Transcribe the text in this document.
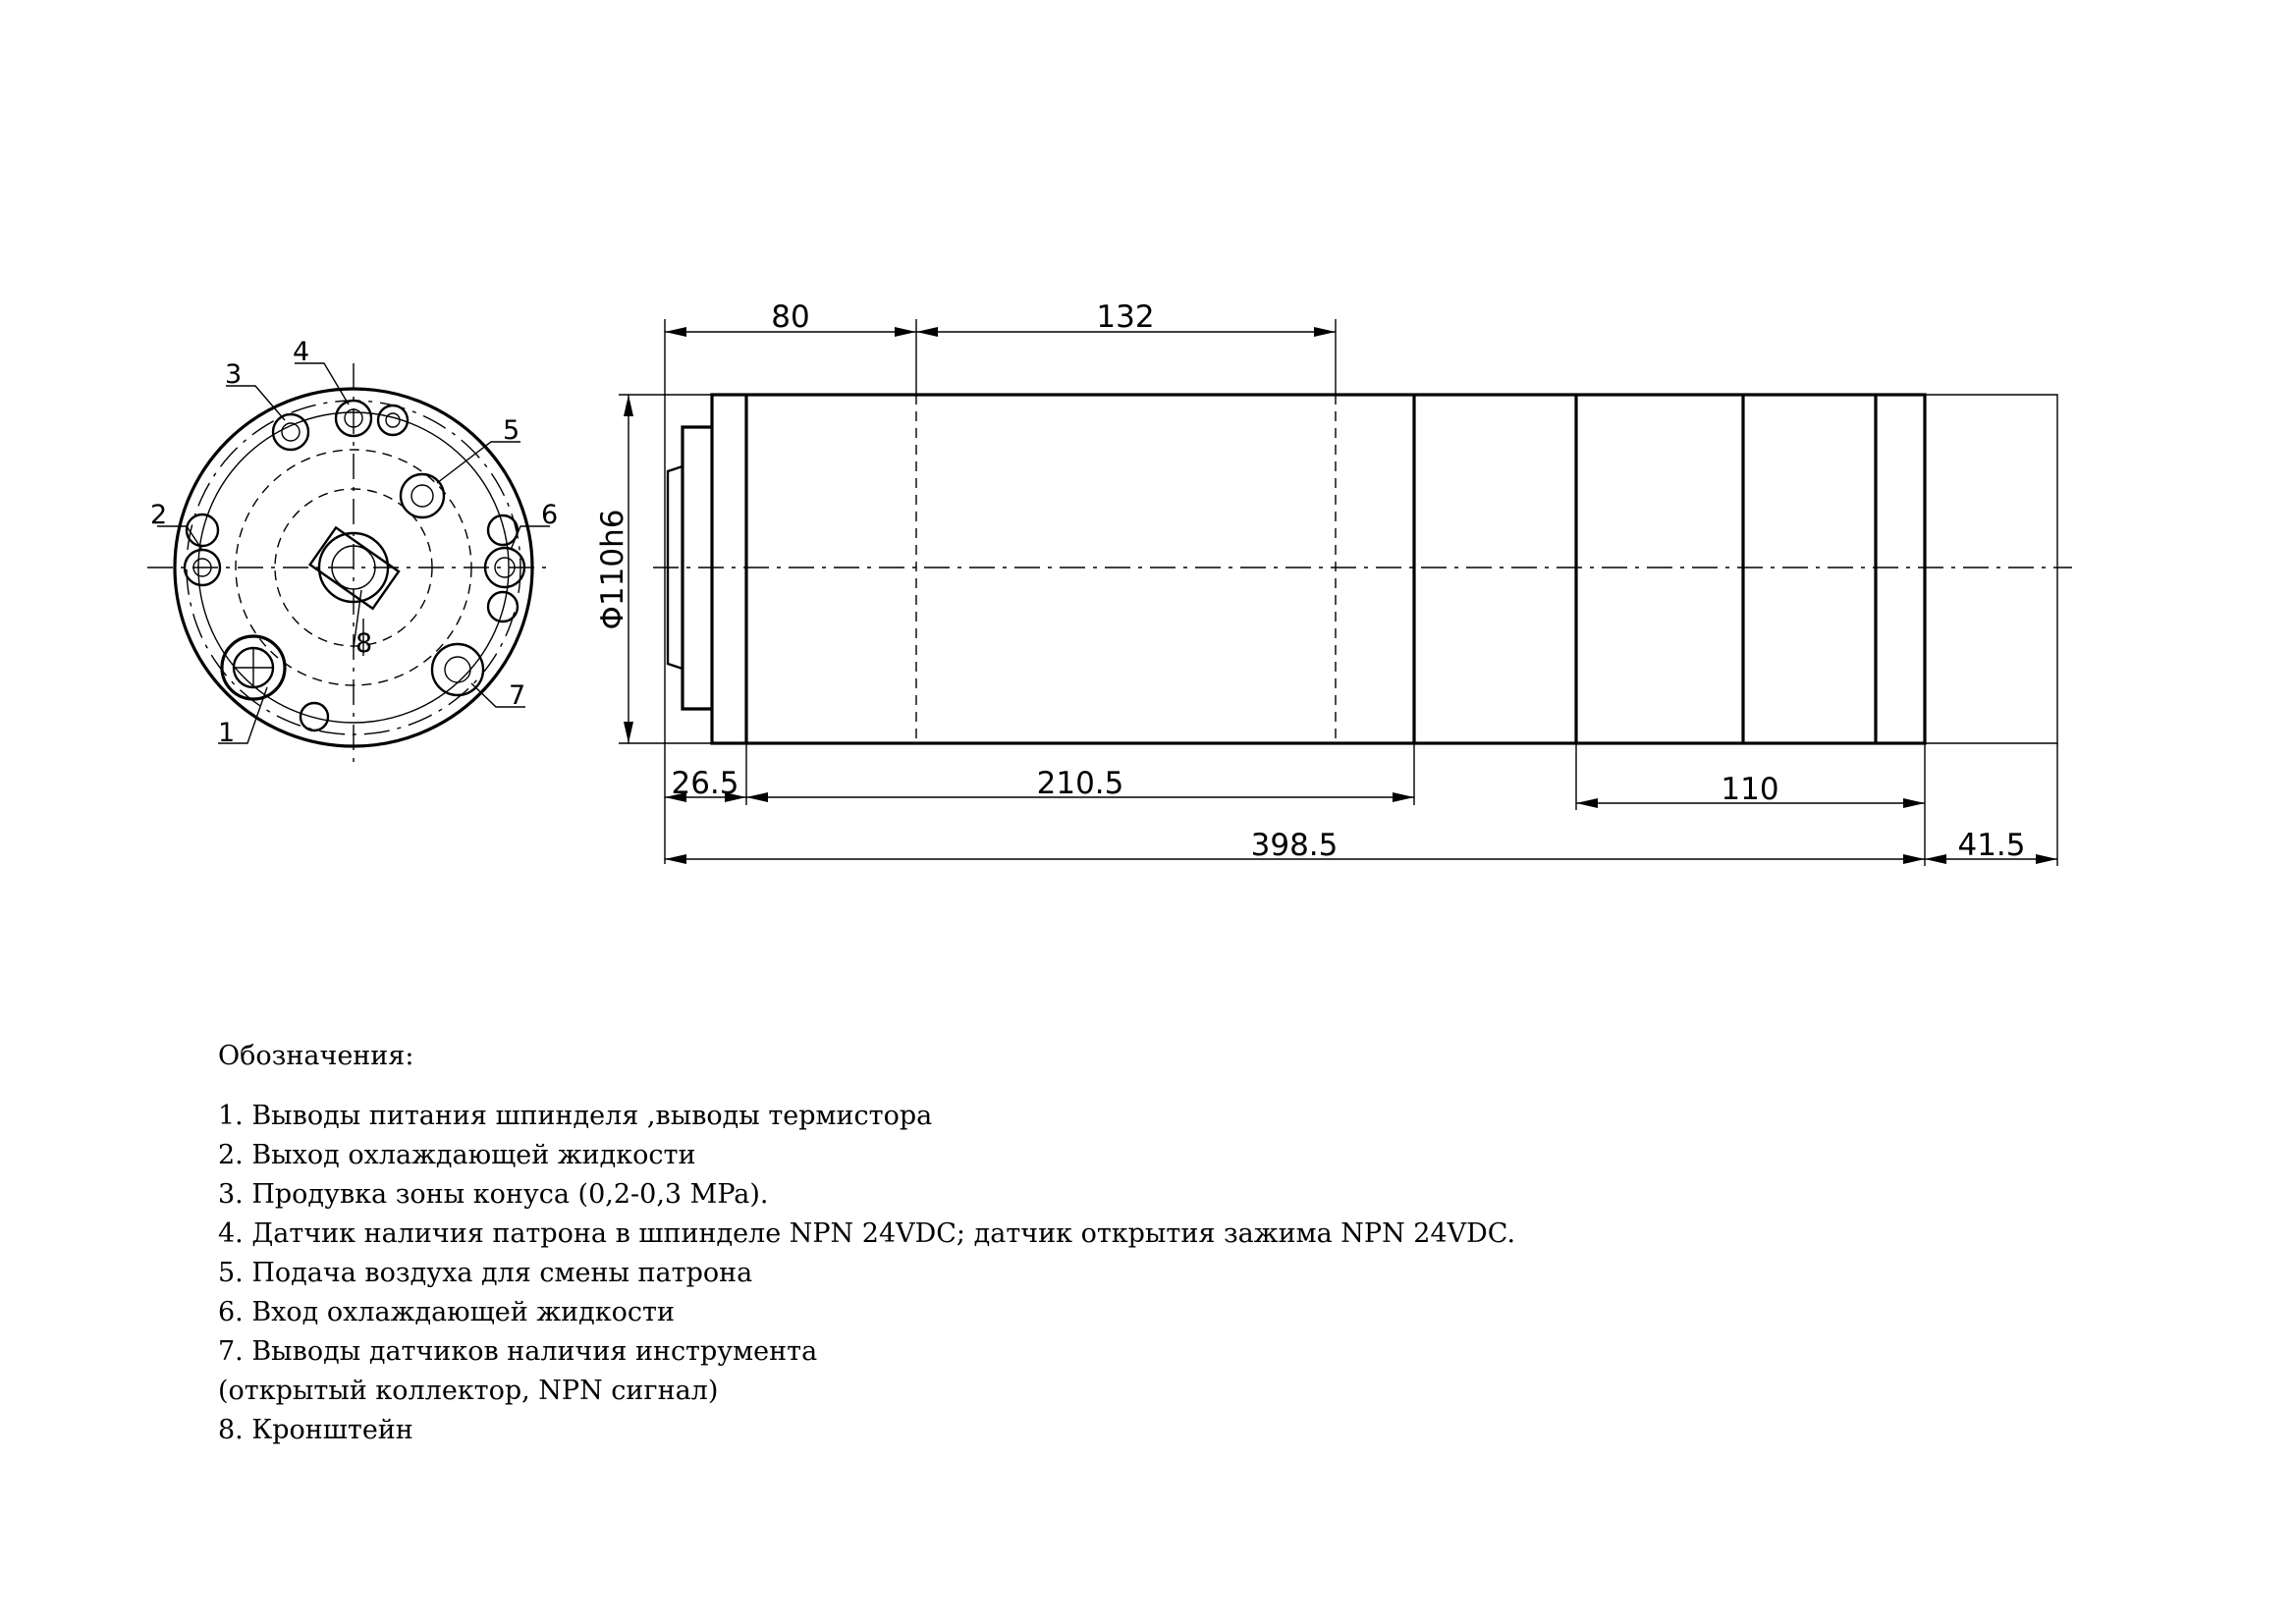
1
2
3
4
5
6
7
8
80	132
26.5	210.5	110
398.5	41.5
Φ110h6
Обозначения:
1. Выводы питания шпинделя ,выводы термистора
2. Выход охлаждающей жидкости
3. Продувка зоны конуса (0,2-0,3 MPa).
4. Датчик наличия патрона в шпинделе NPN 24VDC; датчик открытия зажима NPN 24VDC.
5. Подача воздуха для смены патрона
6. Вход охлаждающей жидкости
7. Выводы датчиков наличия инструмента
(открытый коллектор, NPN сигнал)
8. Кронштейн
